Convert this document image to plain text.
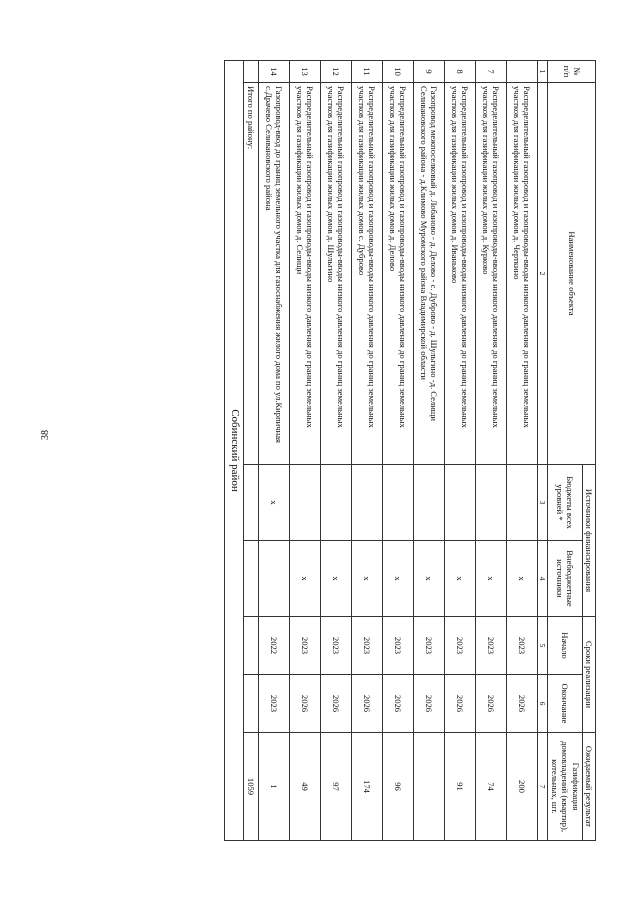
38
№ п/п	Наименование объекта	Источники финансирования		Сроки реализации		Ожидаемый результат
		Бюджеты всех уровней *	Внебюджетные источники	Начало	Окончание	Газификация домовладений (квартир), котельных, шт.
1	2	3	4	5	6	7
	Распределительный газопровод и газопроводы-вводы низкого давления до границ земельных участков для газификации жилых домов д. Черткино		х	2023	2026	200
7	Распределительный газопровод и газопроводы-вводы низкого давления до границ земельных участков для газификации жилых домов д. Курково		х	2023	2026	74
8	Распределительный газопровод и газопроводы-вводы низкого давления до границ земельных участков для газификации жилых домов д. Иваньково		х	2023	2026	91
9	Газопровод межпоселковый д. Лобаново - д. Делово - с. Дуброво - д. Шульгино -д. Селищи Селивановского района - д.Климово Муромского района Владимирской области		х	2023	2026	
10	Распределительный газопровод и газопроводы-вводы низкого давления до границ земельных участков для газификации жилых домов д. Делово		х	2023	2026	96
11	Распределительный газопровод и газопроводы-вводы низкого давления до границ земельных участков для газификации жилых домов с. Дуброво		х	2023	2026	174
12	Распределительный газопровод и газопроводы-вводы низкого давления до границ земельных участков для газификации жилых домов д. Шульгино		х	2023	2026	97
13	Распределительный газопровод и газопроводы-вводы низкого давления до границ земельных участков для газификации жилых домов д. Селищи		х	2023	2026	49
14	Газопровод-ввод до границ земельного участка для газоснабжения жилого дома по ул.Кирпичная с.Драчево Селивановского района	х		2022	2023	1
	Итого по району:					1059
Собинский район						
